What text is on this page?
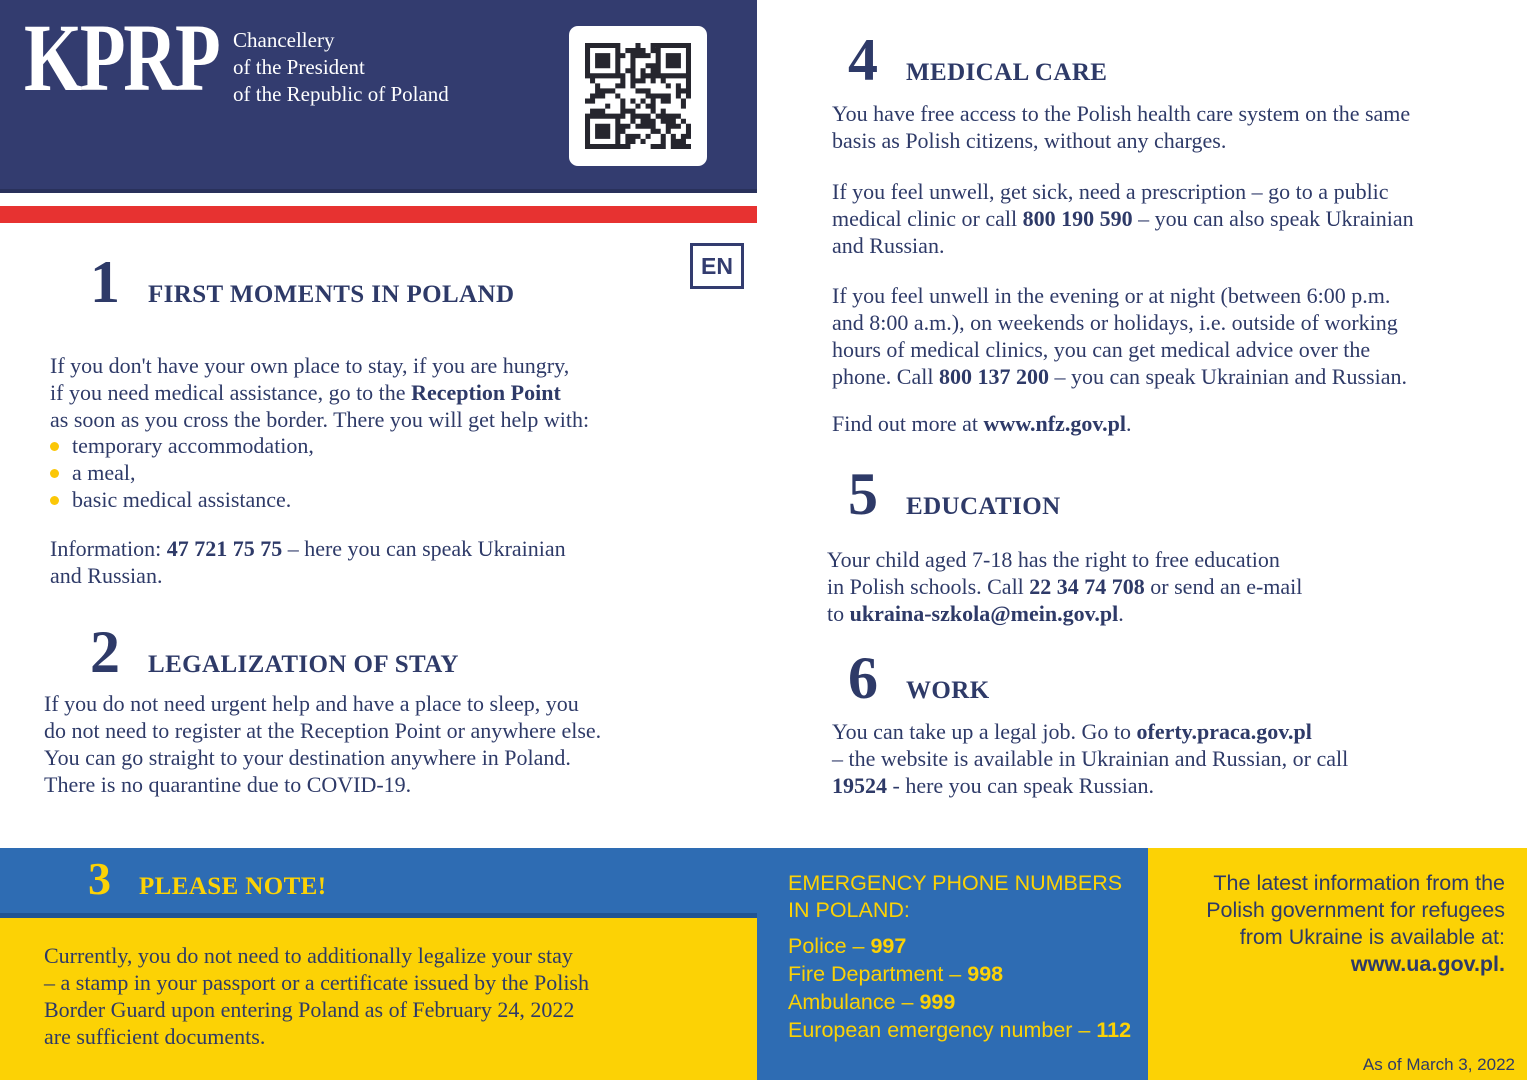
KPRP Chancellery
of the President
of the Republic of Poland
EN
1 FIRST MOMENTS IN POLAND

If you don't have your own place to stay, if you are hungry,
if you need medical assistance, go to the Reception Point
as soon as you cross the border. There you will get help with:

temporary accommodation,
a meal,
basic medical assistance.

Information: 47 721 75 75 – here you can speak Ukrainian
and Russian.

2 LEGALIZATION OF STAY

If you do not need urgent help and have a place to sleep, you
do not need to register at the Reception Point or anywhere else.
You can go straight to your destination anywhere in Poland.
There is no quarantine due to COVID-19.

4 MEDICAL CARE

You have free access to the Polish health care system on the same
basis as Polish citizens, without any charges.

If you feel unwell, get sick, need a prescription – go to a public
medical clinic or call 800 190 590 – you can also speak Ukrainian
and Russian.

If you feel unwell in the evening or at night (between 6:00 p.m.
and 8:00 a.m.), on weekends or holidays, i.e. outside of working
hours of medical clinics, you can get medical advice over the
phone. Call 800 137 200 – you can speak Ukrainian and Russian.

Find out more at www.nfz.gov.pl.

5 EDUCATION

Your child aged 7-18 has the right to free education
in Polish schools. Call 22 34 74 708 or send an e-mail
to ukraina-szkola@mein.gov.pl.

6 WORK

You can take up a legal job. Go to oferty.praca.gov.pl
– the website is available in Ukrainian and Russian, or call
19524 - here you can speak Russian.

3 PLEASE NOTE!

Currently, you do not need to additionally legalize your stay
– a stamp in your passport or a certificate issued by the Polish
Border Guard upon entering Poland as of February 24, 2022
are sufficient documents.

EMERGENCY PHONE NUMBERS
IN POLAND:

Police – 997

Fire Department – 998

Ambulance – 999

European emergency number – 112

The latest information from the
Polish government for refugees
from Ukraine is available at:
www.ua.gov.pl.

As of March 3, 2022
